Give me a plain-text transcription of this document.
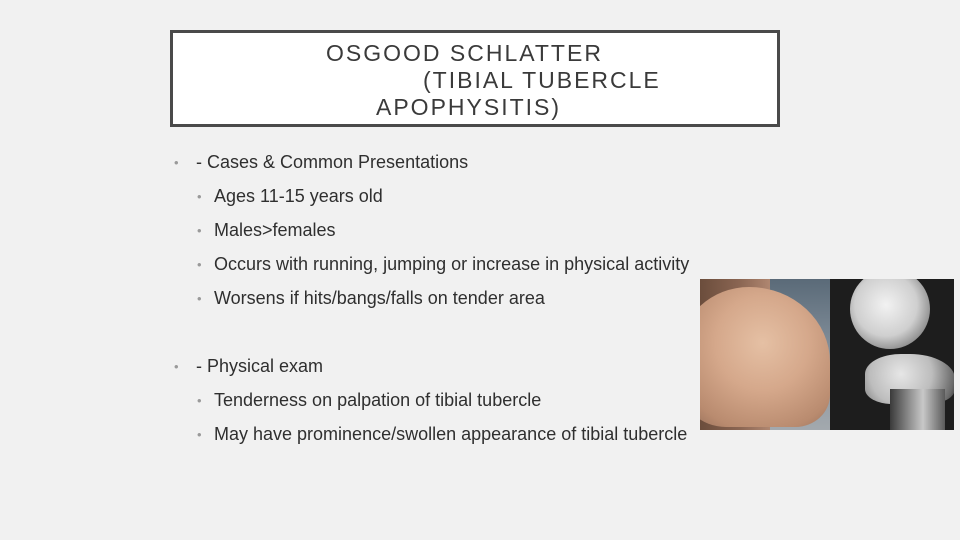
OSGOOD SCHLATTER
(TIBIAL TUBERCLE
APOPHYSITIS)
• - Cases & Common Presentations
• Ages 11-15 years old
• Males>females
• Occurs with running, jumping or increase in physical activity
• Worsens if hits/bangs/falls on tender area
• - Physical exam
• Tenderness on palpation of tibial tubercle
• May have prominence/swollen appearance of tibial tubercle
